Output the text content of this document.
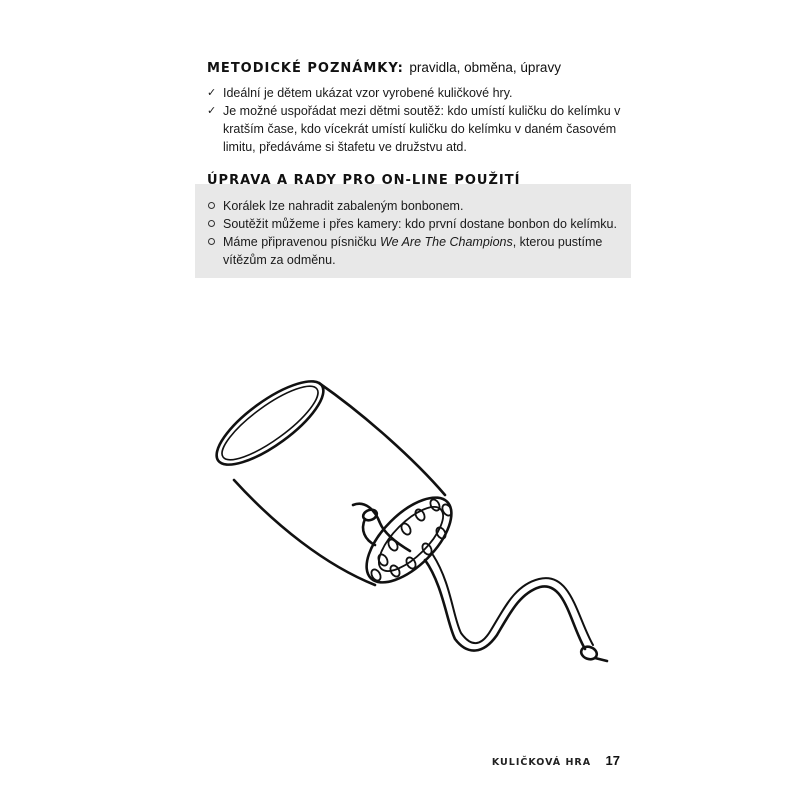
METODICKÉ POZNÁMKY: pravidla, obměna, úpravy
✓ Ideální je dětem ukázat vzor vyrobené kuličkové hry.
✓ Je možné uspořádat mezi dětmi soutěž: kdo umístí kuličku do kelímku v kratším čase, kdo vícekrát umístí kuličku do kelímku v daném časovém limitu, předáváme si štafetu ve družstvu atd.
ÚPRAVA A RADY PRO ON-LINE POUŽITÍ
Korálek lze nahradit zabaleným bonbonem.
Soutěžit můžeme i přes kamery: kdo první dostane bonbon do kelímku.
Máme připravenou písničku We Are The Champions, kterou pustíme vítězům za odměnu.
KULIČKOVÁ HRA 17
